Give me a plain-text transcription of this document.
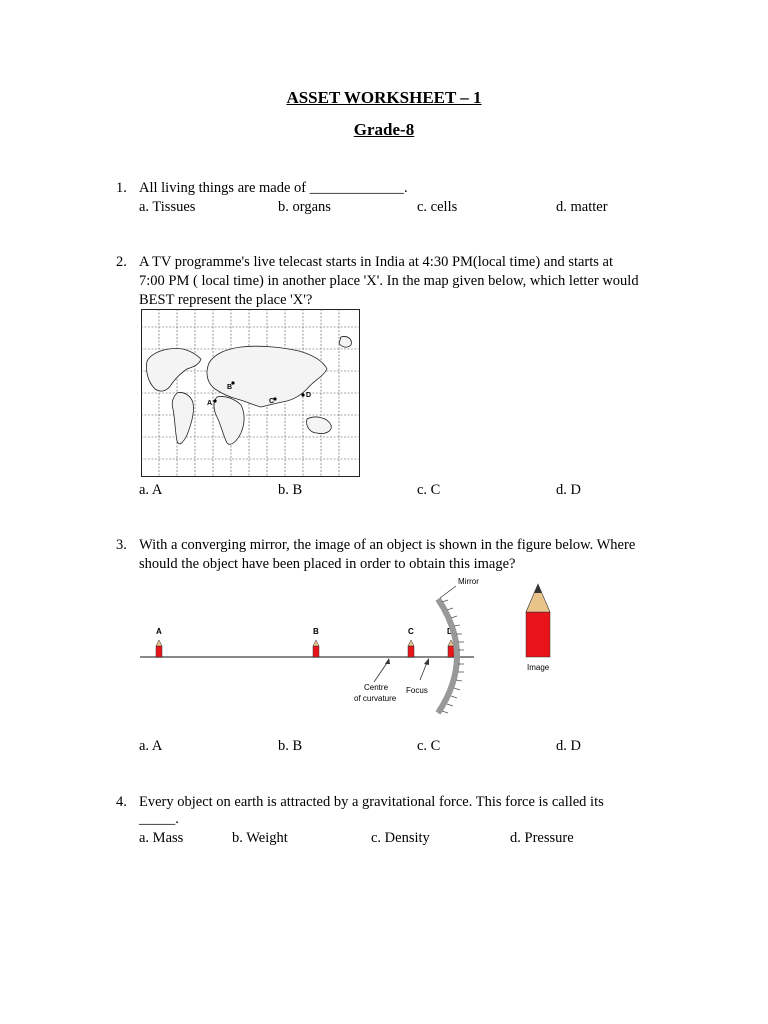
ASSET WORKSHEET – 1
Grade-8
1. All living things are made of _____________.
a. Tissues	b. organs	c. cells	d. matter
2. A TV programme's live telecast starts in India at 4:30 PM(local time) and starts at
7:00 PM ( local time) in another place 'X'. In the map given below, which letter would
BEST represent the place 'X'?
A
B
C
D
a. A	b. B	c. C	d. D
3. With a converging mirror, the image of an object is shown in the figure below. Where
should the object have been placed in order to obtain this image?
A	B	C	D
Mirror
Image
Centre
of curvature
Focus
a. A	b. B	c. C	d. D
4. Every object on earth is attracted by a gravitational force. This force is called its
_____.
a. Mass	b. Weight	c. Density	d. Pressure
